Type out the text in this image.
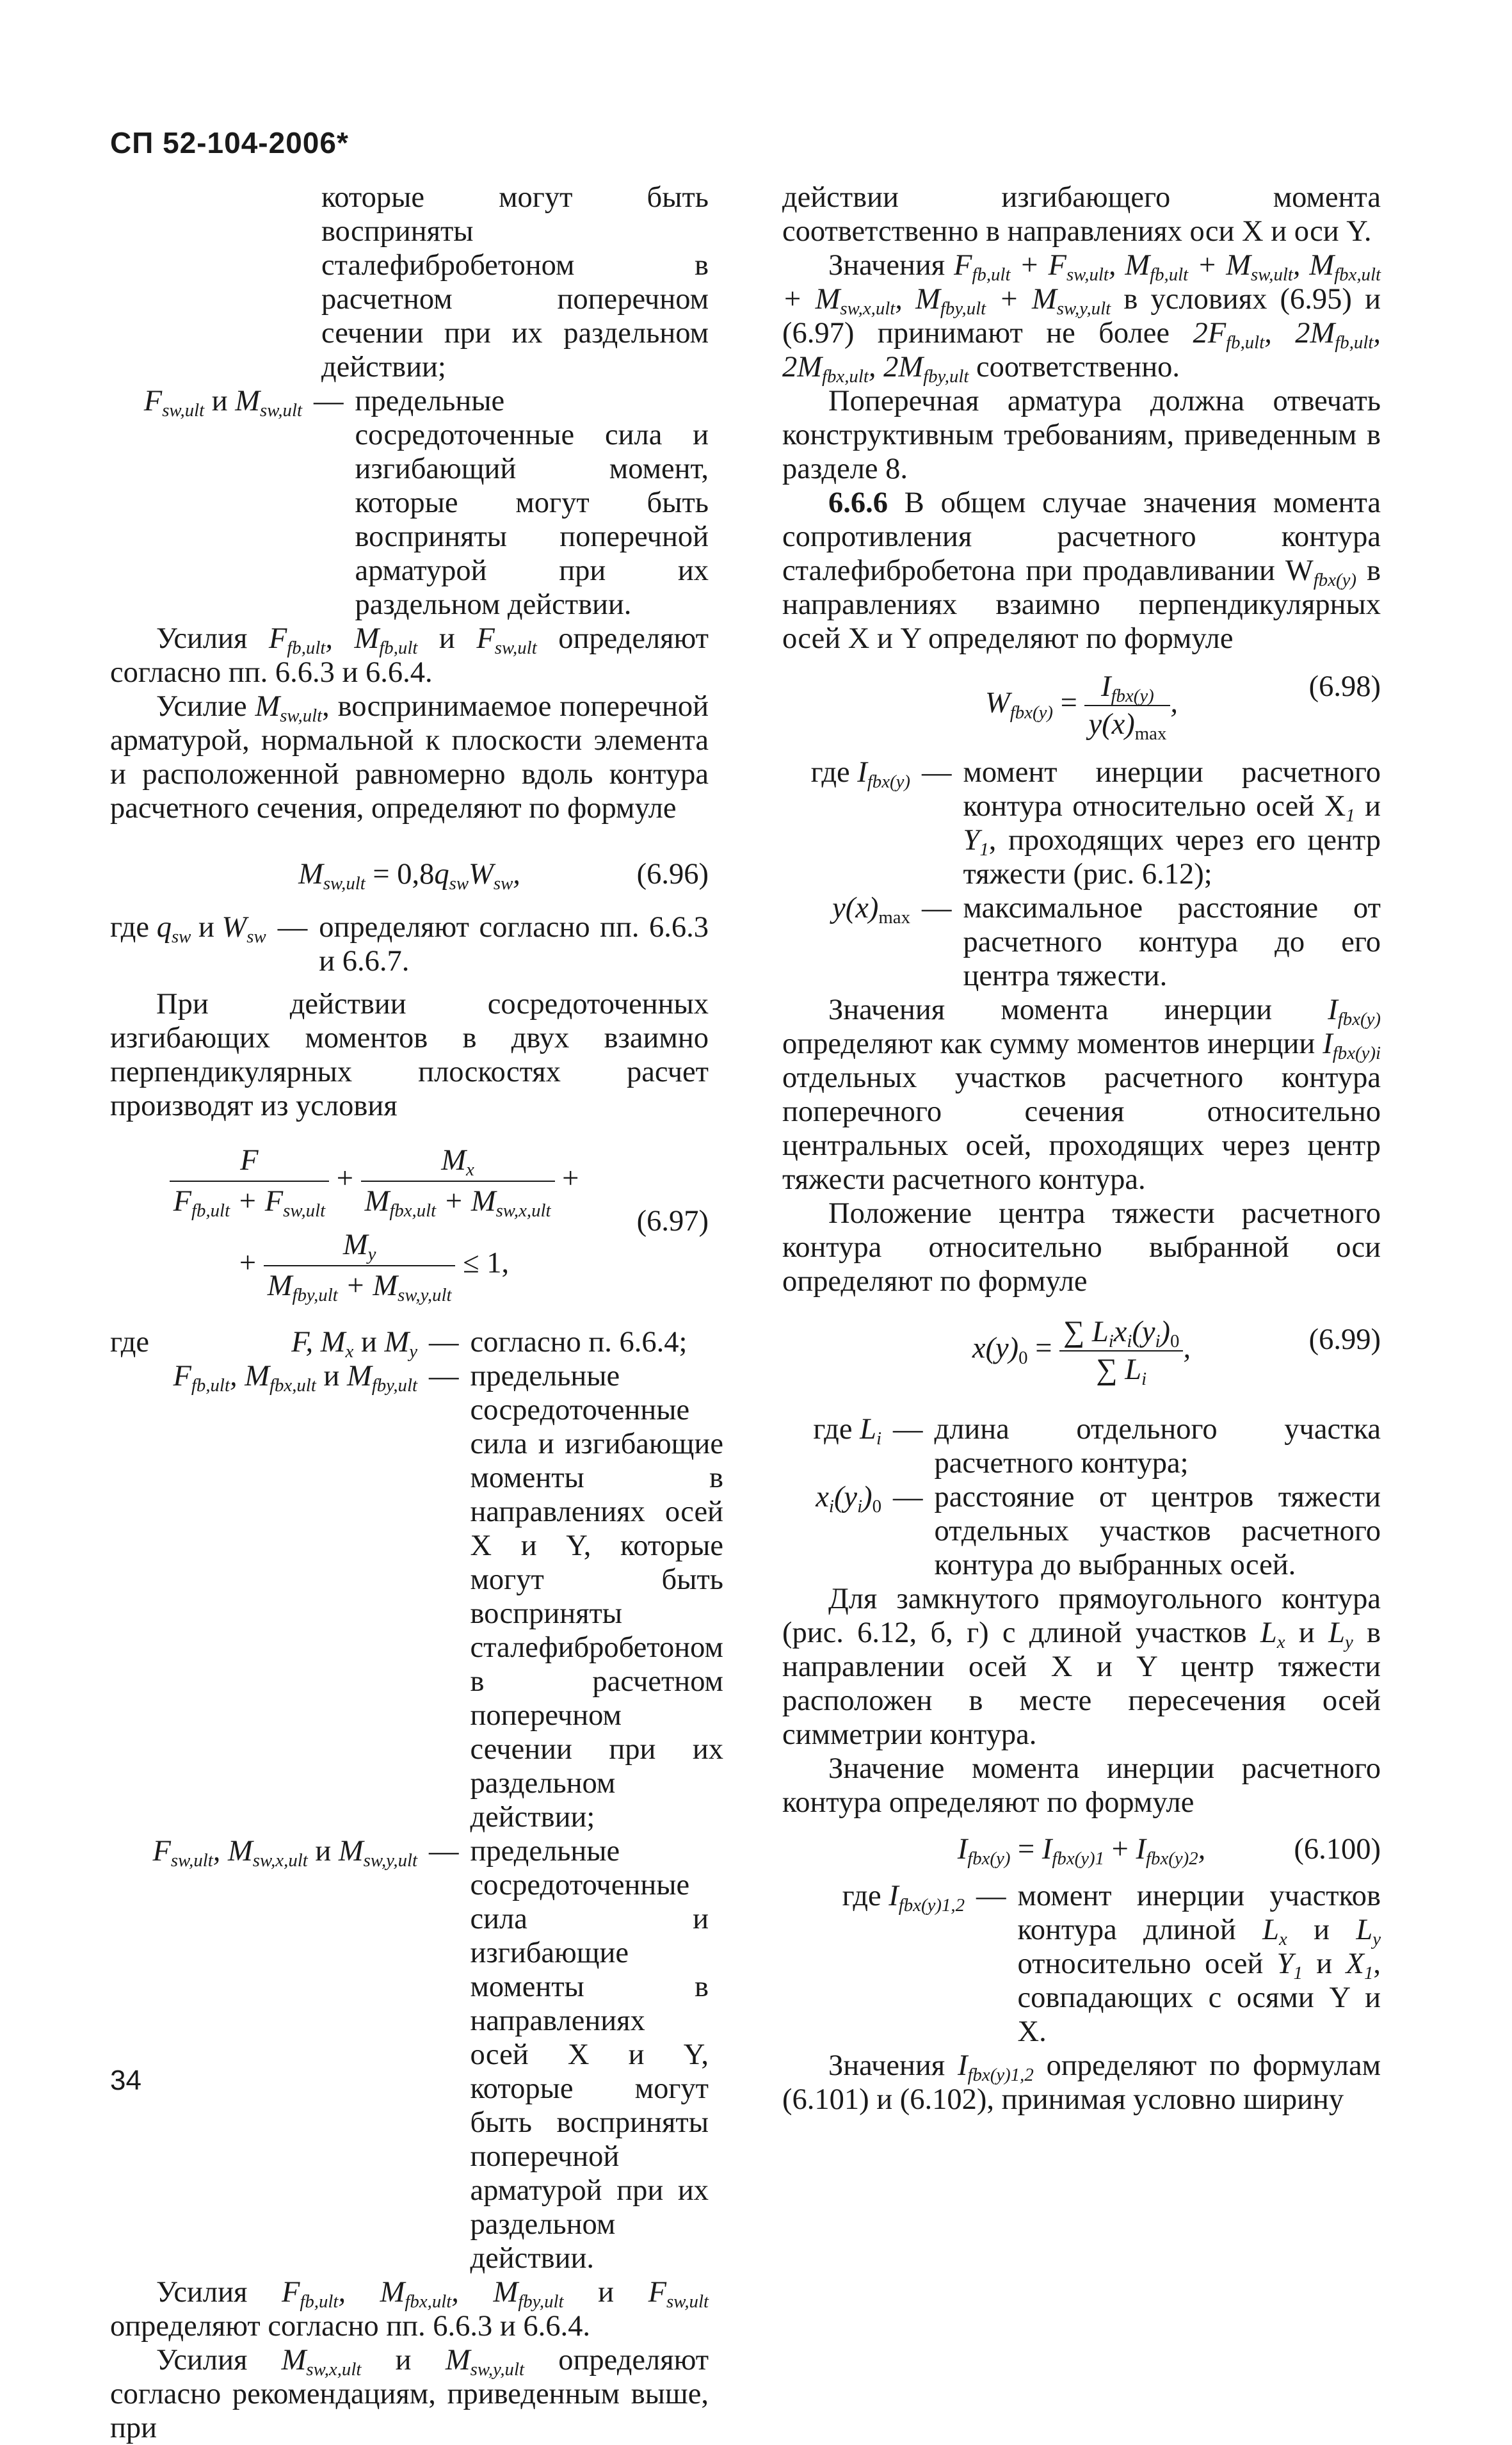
СП 52-104-2006*
которые могут быть восприняты сталефибробетоном в расчетном поперечном сечении при их раздельном действии;
$F_{sw,ult}$ и $M_{sw,ult}$ — предельные сосредоточенные сила и изгибающий момент, которые могут быть восприняты поперечной арматурой при их раздельном действии.

Усилия $F_{fb,ult}$, $M_{fb,ult}$ и $F_{sw,ult}$ определяют согласно пп. 6.6.3 и 6.6.4.

Усилие $M_{sw,ult}$, воспринимаемое поперечной арматурой, нормальной к плоскости элемента и расположенной равномерно вдоль контура расчетного сечения, определяют по формуле

$M_{sw,ult} = 0,8q_{sw}W_{sw}$,	(6.96)
где $q_{sw}$ и $W_{sw}$ — определяют согласно пп. 6.6.3 и 6.6.7.

При действии сосредоточенных изгибающих моментов в двух взаимно перпендикулярных плоскостях расчет производят из условия

$\frac{F}{F_{fb,ult} + F_{sw,ult}} + \frac{M_x}{M_{fbx,ult} + M_{sw,x,ult}}$ +
+ $\frac{M_y}{M_{fby,ult} + M_{sw,y,ult}} \le 1$,
(6.97)
где	F, $M_x$ и $M_y$ — согласно п. 6.6.4;
$F_{fb,ult}$, $M_{fbx,ult}$ и $M_{fby,ult}$ — предельные сосредоточенные сила и изгибающие моменты в направлениях осей X и Y, которые могут быть восприняты сталефибробетоном в расчетном поперечном сечении при их раздельном действии;
$F_{sw,ult}$, $M_{sw,x,ult}$ и $M_{sw,y,ult}$ — предельные сосредоточенные сила и изгибающие моменты в направлениях осей X и Y, которые могут быть восприняты поперечной арматурой при их раздельном действии.

Усилия $F_{fb,ult}$, $M_{fbx,ult}$, $M_{fby,ult}$ и $F_{sw,ult}$ определяют согласно пп. 6.6.3 и 6.6.4.

Усилия $M_{sw,x,ult}$ и $M_{sw,y,ult}$ определяют согласно рекомендациям, приведенным выше, при

действии изгибающего момента соответственно в направлениях оси X и оси Y.

Значения $F_{fb,ult} + F_{sw,ult}$, $M_{fb,ult} + M_{sw,ult}$, $M_{fbx,ult} + M_{sw,x,ult}$, $M_{fby,ult} + M_{sw,y,ult}$ в условиях (6.95) и (6.97) принимают не более $2F_{fb,ult}$, $2M_{fb,ult}$, $2M_{fbx,ult}$, $2M_{fby,ult}$ соответственно.

Поперечная арматура должна отвечать конструктивным требованиям, приведенным в разделе 8.

6.6.6 В общем случае значения момента сопротивления расчетного контура сталефибробетона при продавливании $W_{fbx(y)}$ в направлениях взаимно перпендикулярных осей X и Y определяют по формуле

$W_{fbx(y)} = \frac{I_{fbx(y)}}{y(x)_{max}}$ ,
(6.98)
где $I_{fbx(y)}$ — момент инерции расчетного контура относительно осей $X_1$ и $Y_1$, проходящих через его центр тяжести (рис. 6.12);
$y(x)_{max}$ — максимальное расстояние от расчетного контура до его центра тяжести.

Значения момента инерции $I_{fbx(y)}$ определяют как сумму моментов инерции $I_{fbx(y)i}$ отдельных участков расчетного контура поперечного сечения относительно центральных осей, проходящих через центр тяжести расчетного контура.

Положение центра тяжести расчетного контура относительно выбранной оси определяют по формуле

$x(y)_0 = \frac{\sum L_ix_i(y_i)_0}{\sum L_i}$ ,	(6.99)
где $L_i$ — длина отдельного участка расчетного контура;
$x_i(y_i)_0$ — расстояние от центров тяжести отдельных участков расчетного контура до выбранных осей.

Для замкнутого прямоугольного контура (рис. 6.12, б, г) с длиной участков $L_x$ и $L_y$ в направлении осей X и Y центр тяжести расположен в месте пересечения осей симметрии контура.

Значение момента инерции расчетного контура определяют по формуле

$I_{fbx(y)} = I_{fbx(y)1} + I_{fbx(y)2}$,	(6.100)
где $I_{fbx(y)1,2}$ — момент инерции участков контура длиной $L_x$ и $L_y$ относительно осей $Y_1$ и $X_1$, совпадающих с осями Y и X.

Значения $I_{fbx(y)1,2}$ определяют по формулам (6.101) и (6.102), принимая условно ширину

34
